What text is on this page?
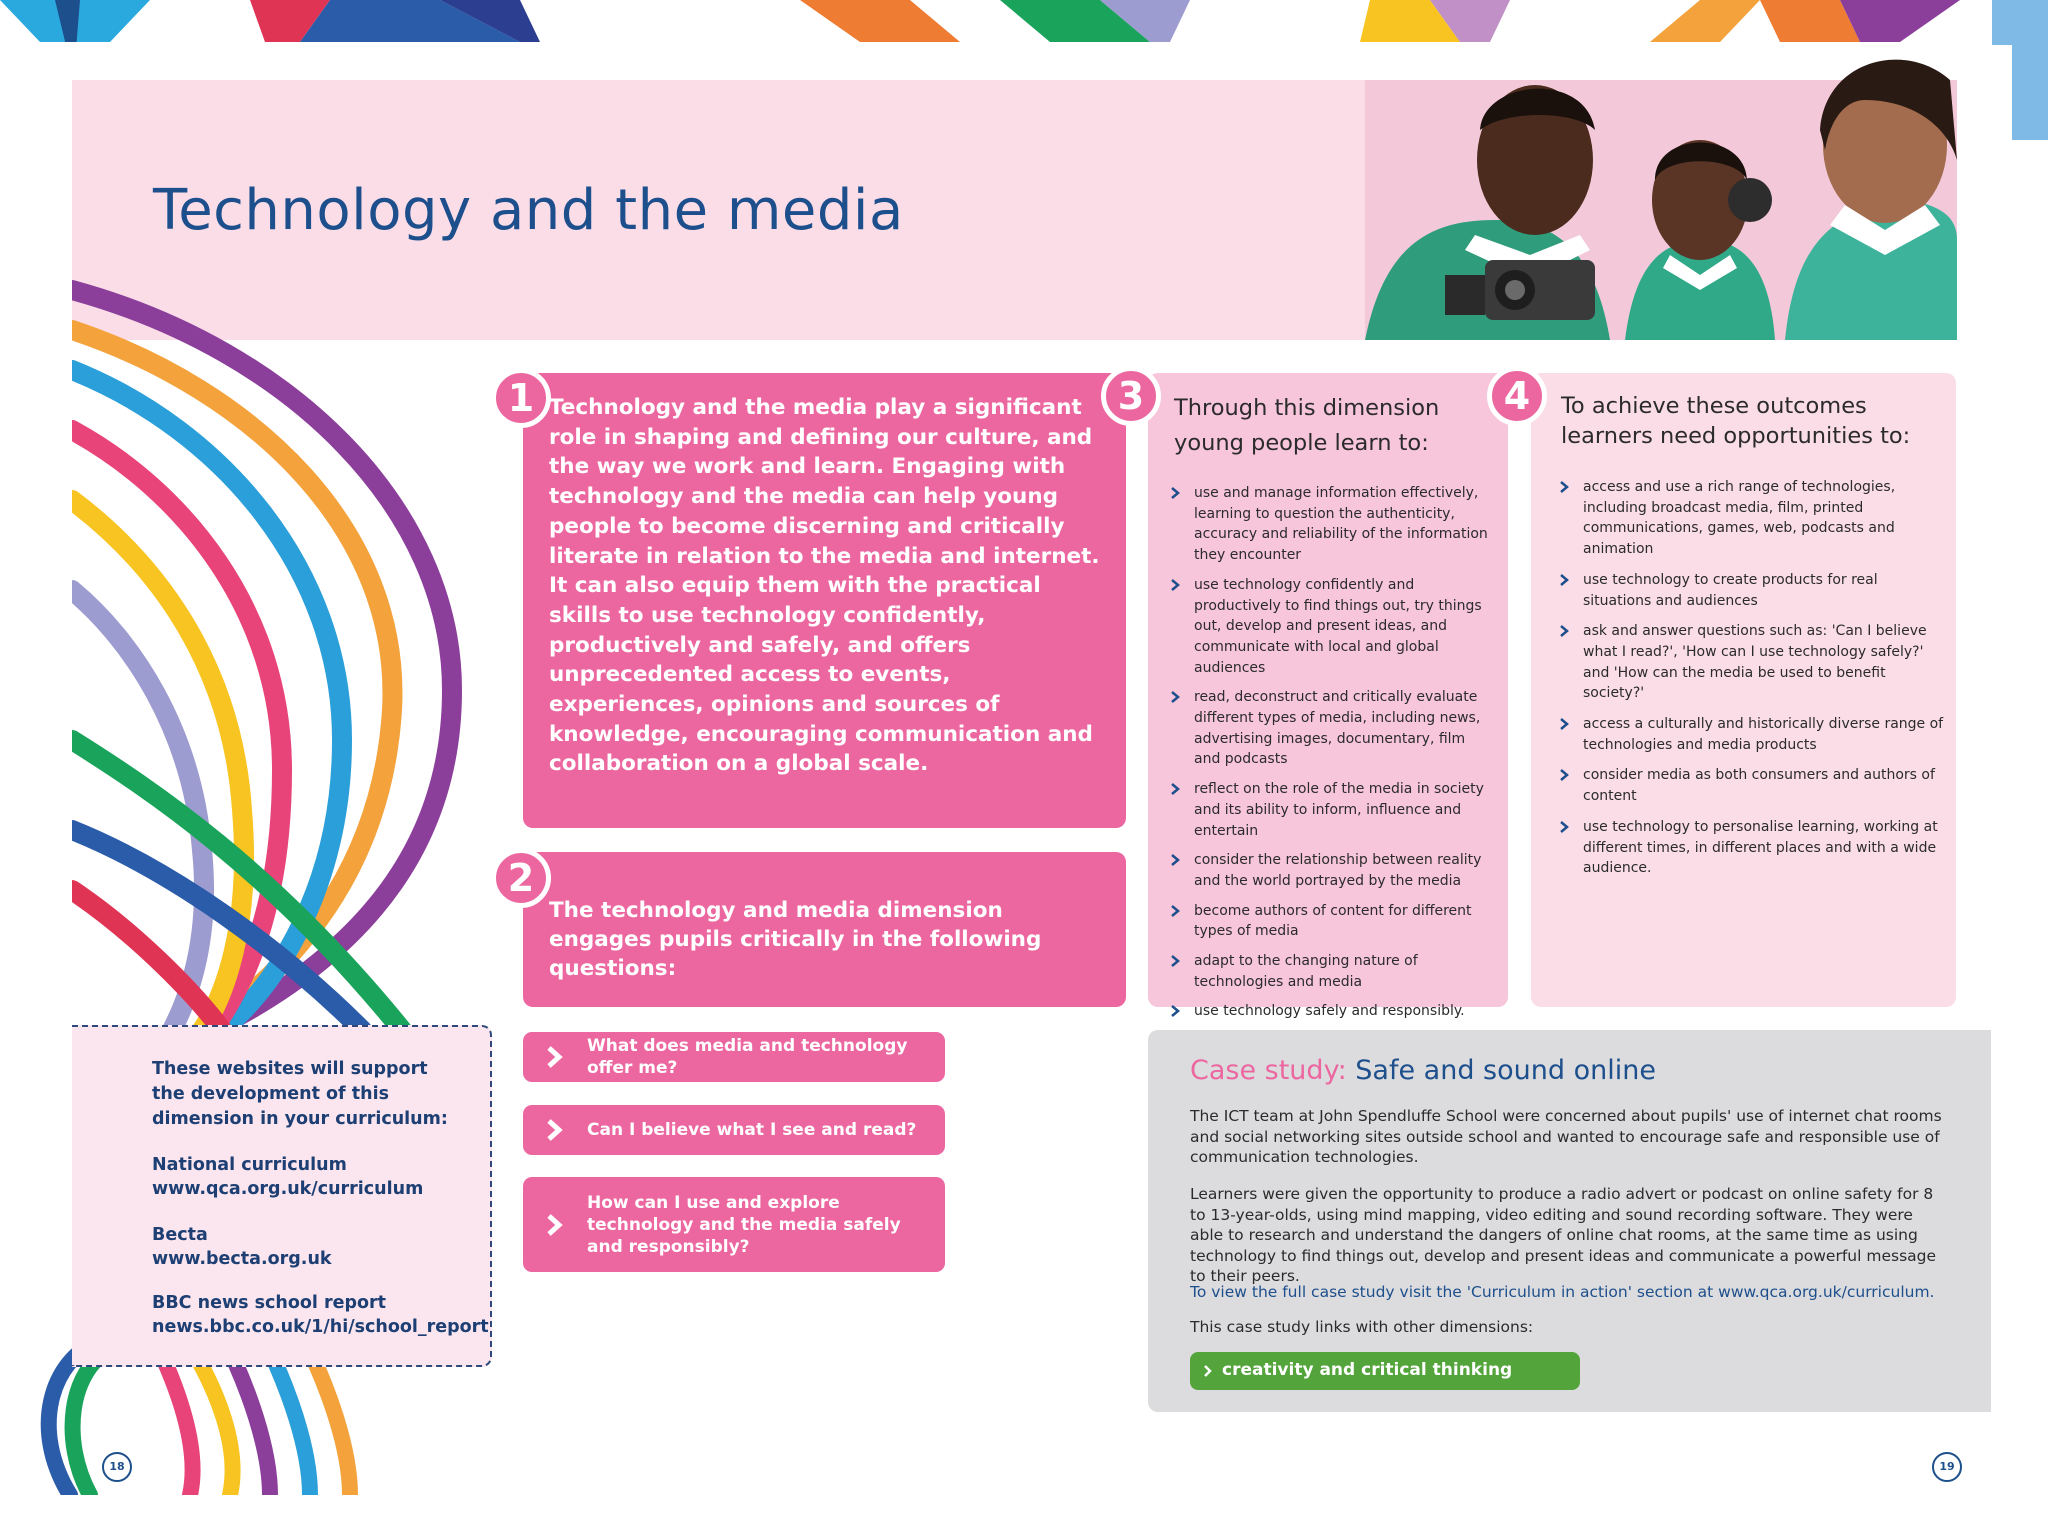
Technology and the media

Technology and the media play a significant role in shaping and defining our culture, and the way we work and learn. Engaging with technology and the media can help young people to become discerning and critically literate in relation to the media and internet. It can also equip them with the practical skills to use technology confidently, productively and safely, and offers unprecedented access to events, experiences, opinions and sources of knowledge, encouraging communication and collaboration on a global scale.

1

The technology and media dimension engages pupils critically in the following questions:

2
What does media and technology offer me?
Can I believe what I see and read?
How can I use and explore technology and the media safely and responsibly?
Through this dimension young people learn to:
use and manage information effectively, learning to question the authenticity, accuracy and reliability of the information they encounter
use technology confidently and productively to find things out, try things out, develop and present ideas, and communicate with local and global audiences
read, deconstruct and critically evaluate different types of media, including news, advertising images, documentary, film and podcasts
reflect on the role of the media in society and its ability to inform, influence and entertain
consider the relationship between reality and the world portrayed by the media
become authors of content for different types of media
adapt to the changing nature of technologies and media
use technology safely and responsibly.
3	To achieve these outcomes learners need opportunities to:
access and use a rich range of technologies, including broadcast media, film, printed communications, games, web, podcasts and animation
use technology to create products for real situations and audiences
ask and answer questions such as: 'Can I believe what I read?', 'How can I use technology safely?' and 'How can the media be used to benefit society?'
access a culturally and historically diverse range of technologies and media products
consider media as both consumers and authors of content
use technology to personalise learning, working at different times, in different places and with a wide audience.
4
These websites will support the development of this dimension in your curriculum:
National curriculum
www.qca.org.uk/curriculum
Becta
www.becta.org.uk
BBC news school report
news.bbc.co.uk/1/hi/school_report
Case study: Safe and sound online
The ICT team at John Spendluffe School were concerned about pupils' use of internet chat rooms and social networking sites outside school and wanted to encourage safe and responsible use of communication technologies.
Learners were given the opportunity to produce a radio advert or podcast on online safety for 8 to 13-year-olds, using mind mapping, video editing and sound recording software. They were able to research and understand the dangers of online chat rooms, at the same time as using technology to find things out, develop and present ideas and communicate a powerful message to their peers.
To view the full case study visit the 'Curriculum in action' section at www.qca.org.uk/curriculum.
This case study links with other dimensions:
creativity and critical thinking
18	19
